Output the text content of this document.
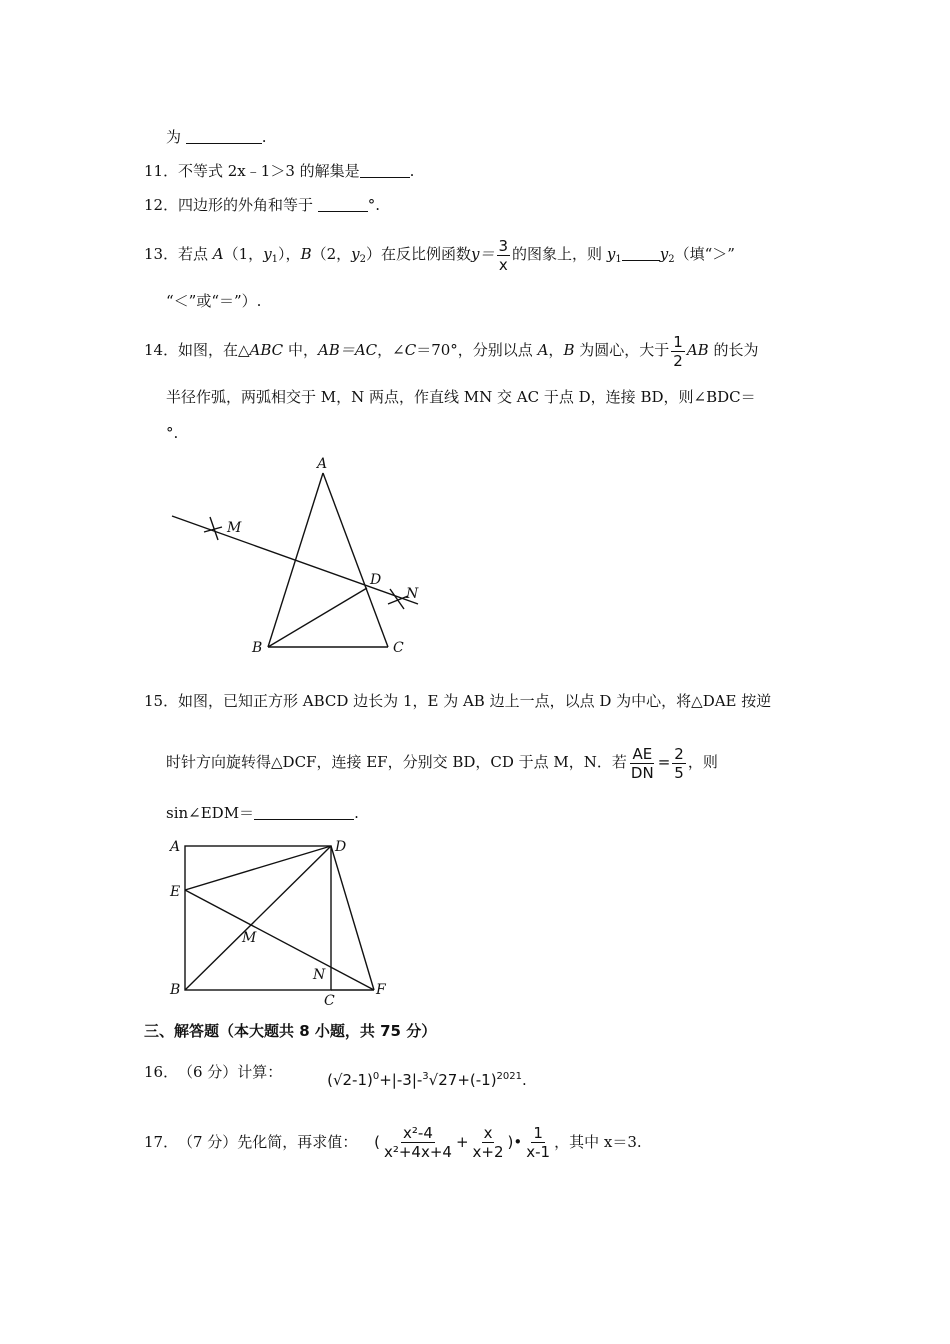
为	.
11．不等式 2x﹣1＞3 的解集是	.
12．四边形的外角和等于	°.
13．若点 A（1，$y_1$），B（2，$y_2$）在反比例函数$y= \frac{3}{x}$ 的图象上，则 $y_1$	$y_2$（填“＞”
“＜”或“＝”）.
14．如图，在△ABC 中，AB＝AC，∠C＝70°，分别以点 A，B 为圆心，大于 $\frac{1}{2}$ AB 的长为
半径作弧，两弧相交于 M，N 两点，作直线 MN 交 AC 于点 D，连接 BD，则∠BDC＝
°.
A
M
D
N
B	C
15．如图，已知正方形 ABCD 边长为 1，E 为 AB 边上一点，以点 D 为中心，将△DAE 按逆
时针方向旋转得△DCF，连接 EF，分别交 BD，CD 于点 M，N．若 $\frac{AE}{DN} = \frac{2}{5}$ ，则
sin∠EDM＝	.
A	D
E
M
N
B
C
F
三、解答题（本大题共 8 小题，共 75 分）
16．（6 分）计算：	$(√2-1)^0+|-3|-^3√27+(-1)^{2021}$.
17．（7 分）先化简，再求值： ( $\frac{\text{x²-4}}{\text{x²+4x+4}} + \frac{x}{x+2}$ )• $\frac{1}{x-1}$ ，其中 x＝3.
